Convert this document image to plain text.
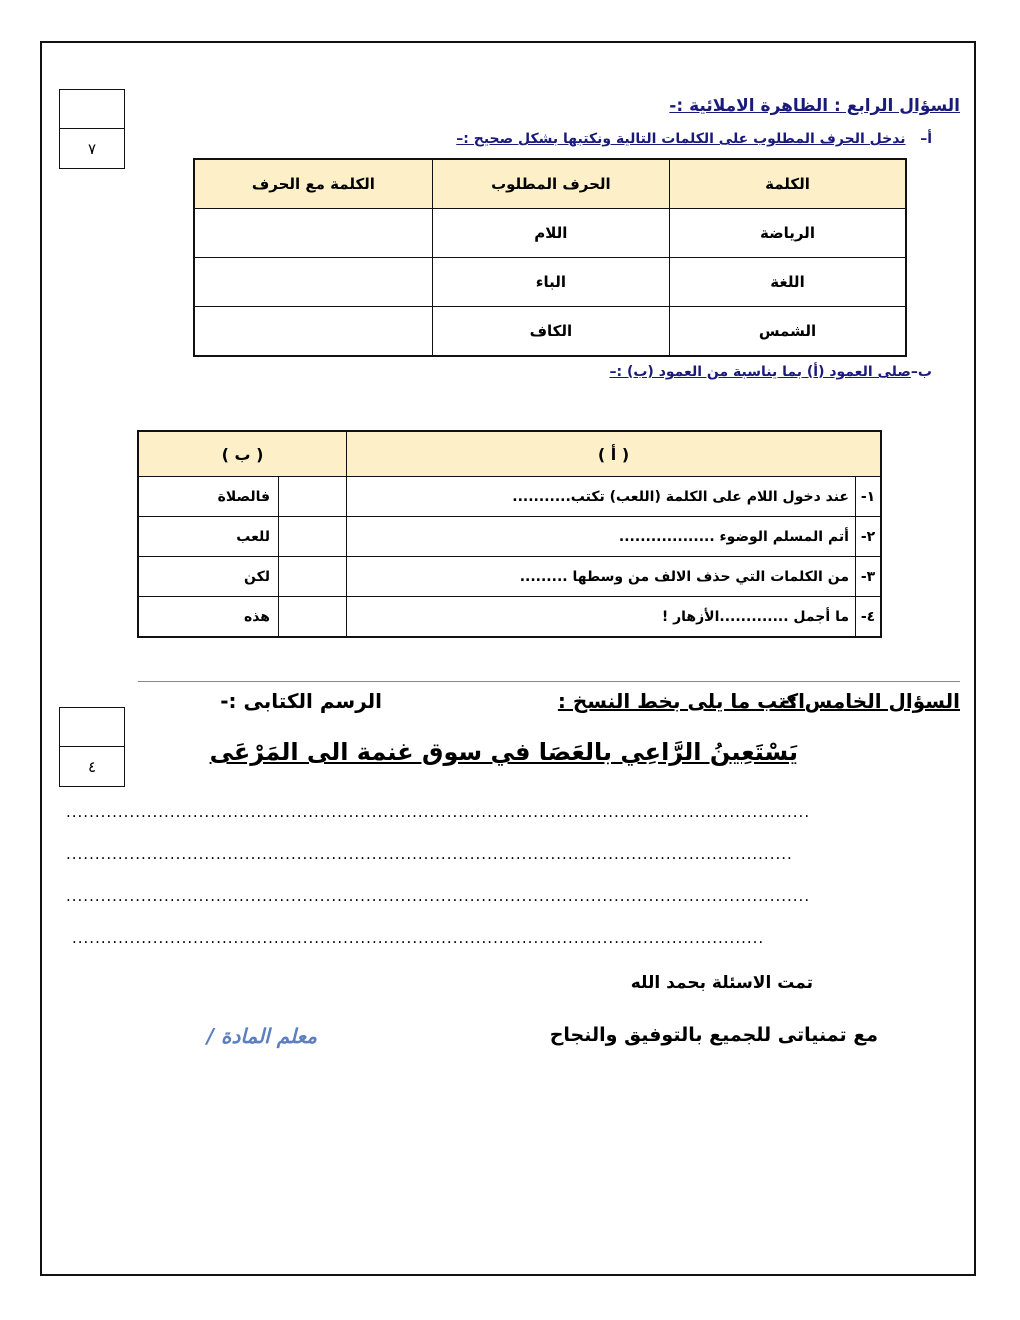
السؤال الرابع : الظاهرة الاملائية :-
٧
أ–   ندخل الحرف المطلوب على الكلمات التالية ونكتبها بشكل صحيح :–
الكلمة	الحرف المطلوب	الكلمة مع الحرف
الرياضة	اللام	
اللغة	الباء	
الشمس	الكاف	
ب–صلى العمود (أ) بما يناسبة من العمود (ب) :–
( أ )		( ب )	
١-	عند دخول اللام على الكلمة (اللعب) تكتب...........		فالصلاة
٢-	أتم المسلم الوضوء ..................		للعب
٣-	من الكلمات التي حذف الالف من وسطها .........		لكن
٤-	ما أجمل .............الأزهار !		هذه
السؤال الخامس :-
اكتب ما يلى بخط النسخ :
الرسم الكتابى :-
٤
يَسْتَعِينُ الرَّاعِي بالعَصَا في سوق غنمة الى المَرْعَى
.................................................................................................................................
..............................................................................................................................
.................................................................................................................................
........................................................................................................................
تمت الاسئلة بحمد الله
مع تمنياتى للجميع بالتوفيق والنجاح
معلم المادة /
